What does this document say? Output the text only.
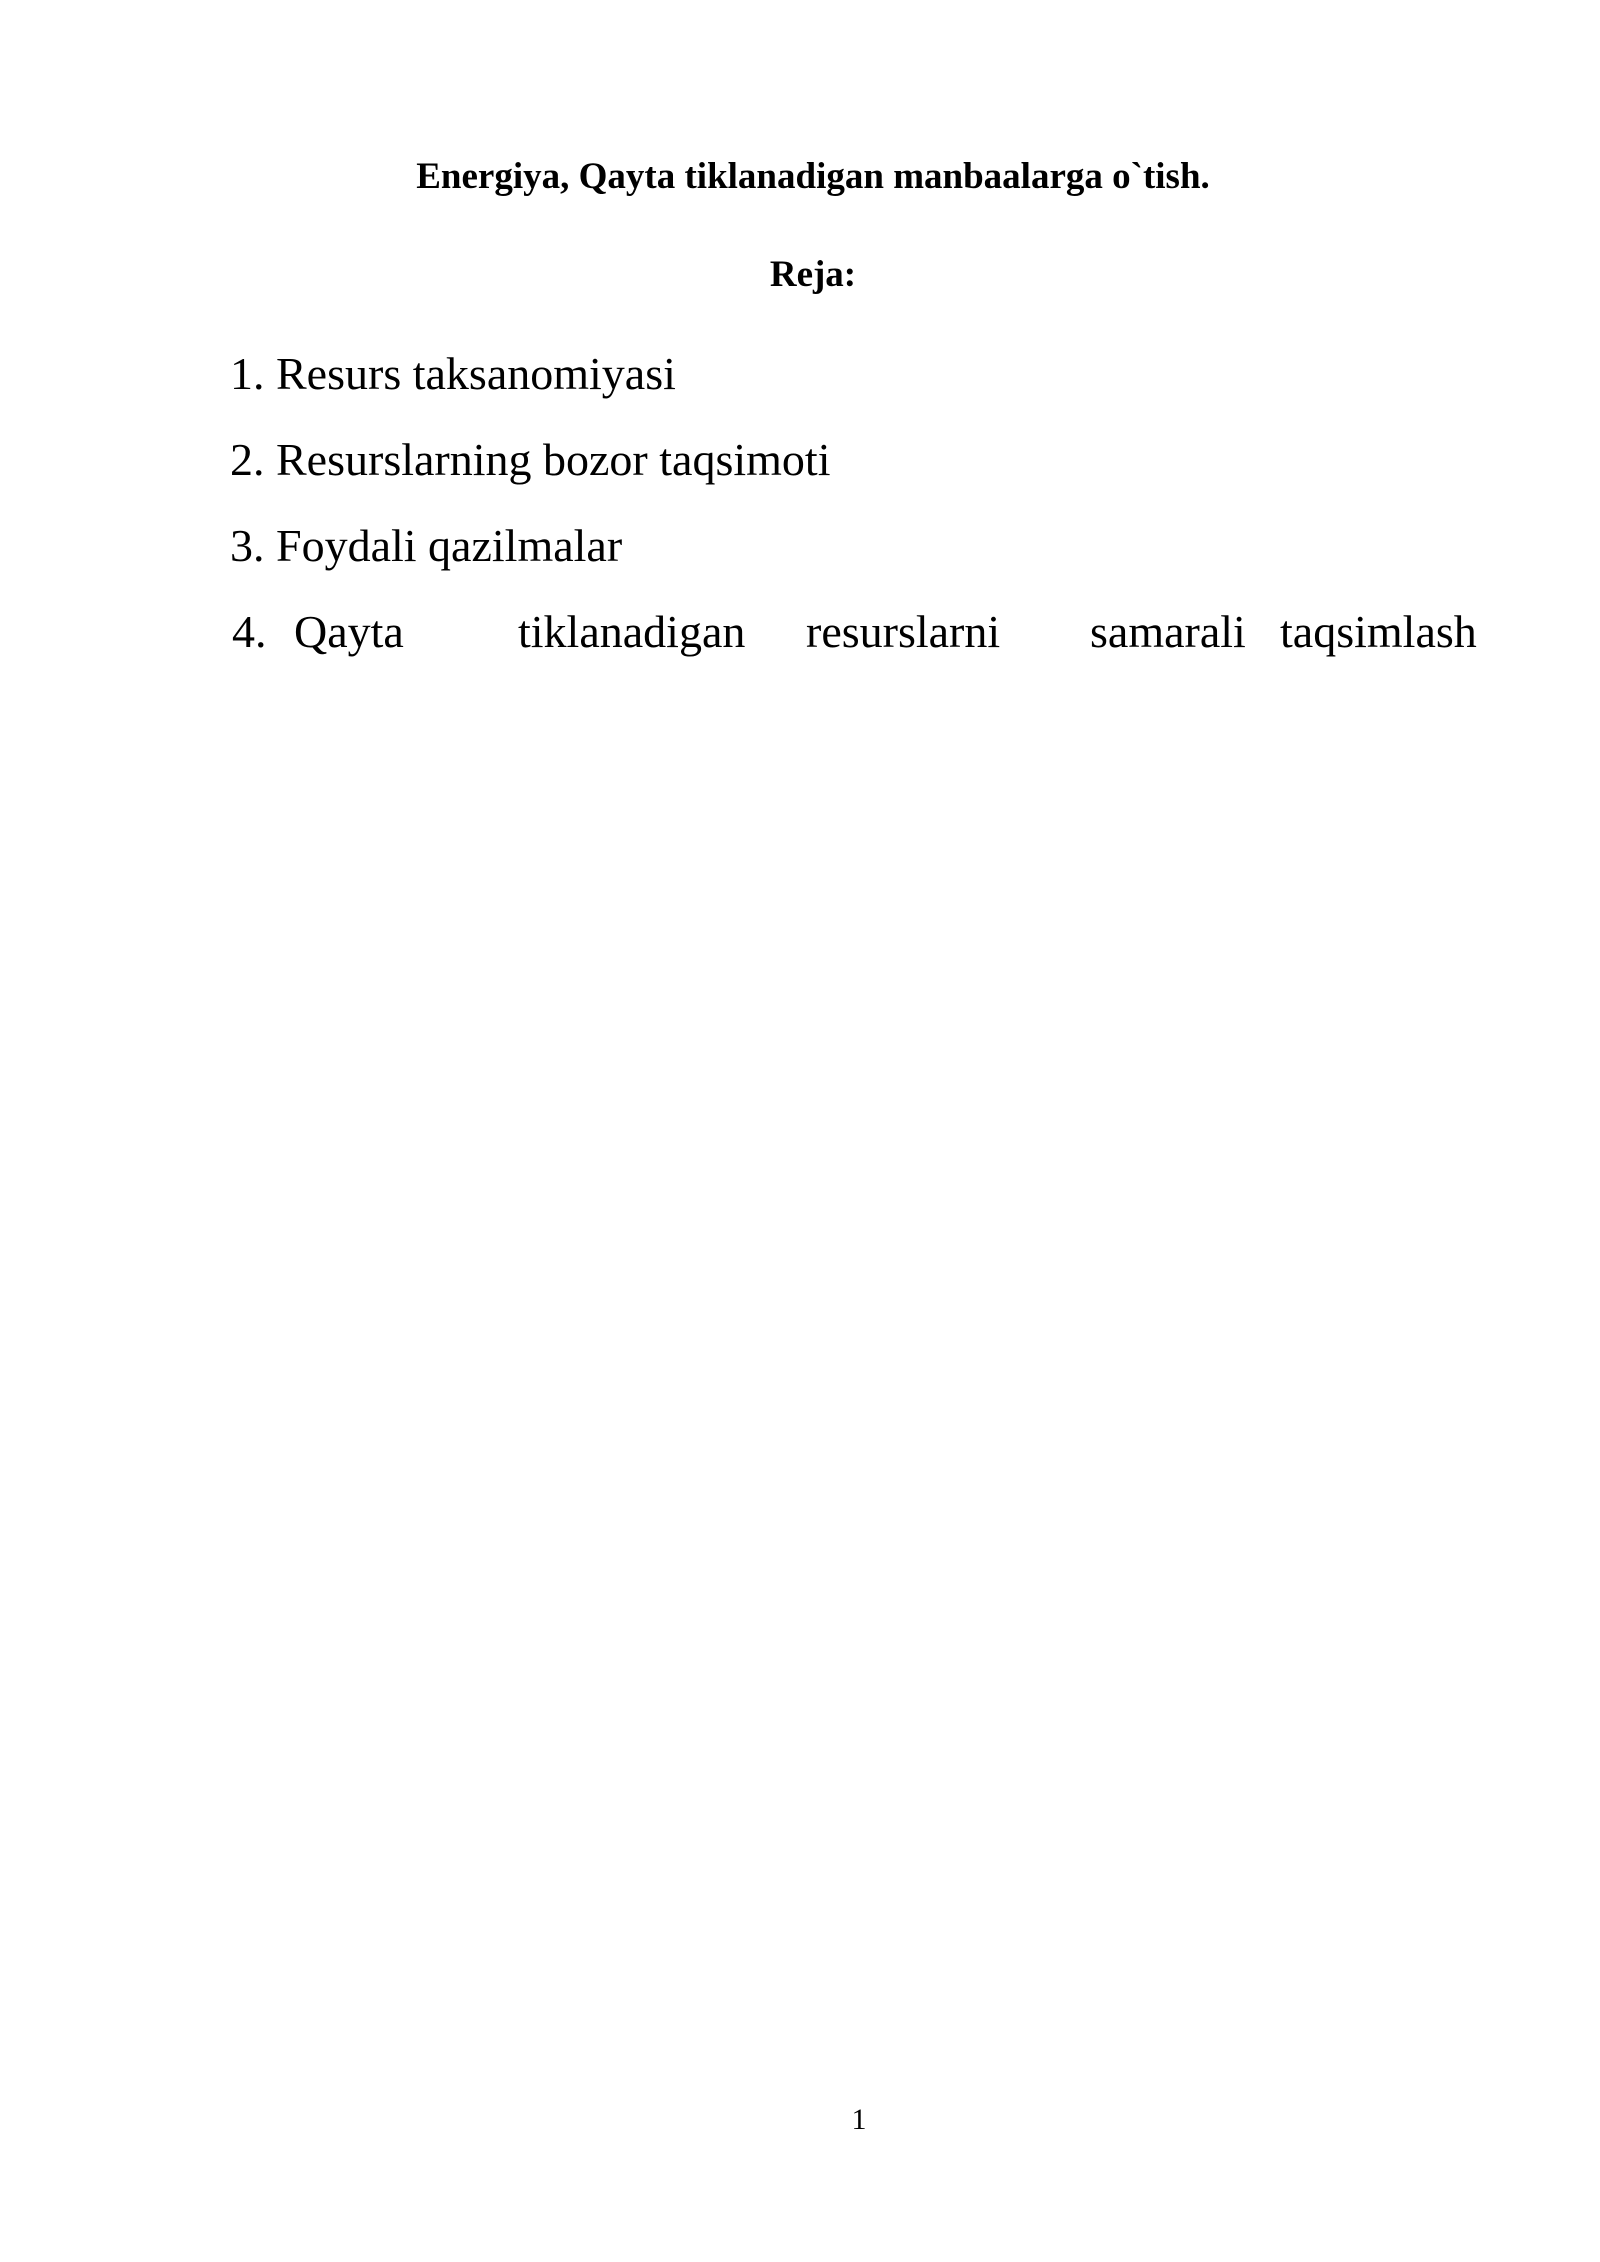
Energiya, Qayta tiklanadigan manbaalarga o`tish.
Reja:
1. Resurs taksanomiyasi
2. Resurslarning bozor taqsimoti
3. Foydali qazilmalar
4. Qayta tiklanadigan resurslarni samarali taqsimlash
1
